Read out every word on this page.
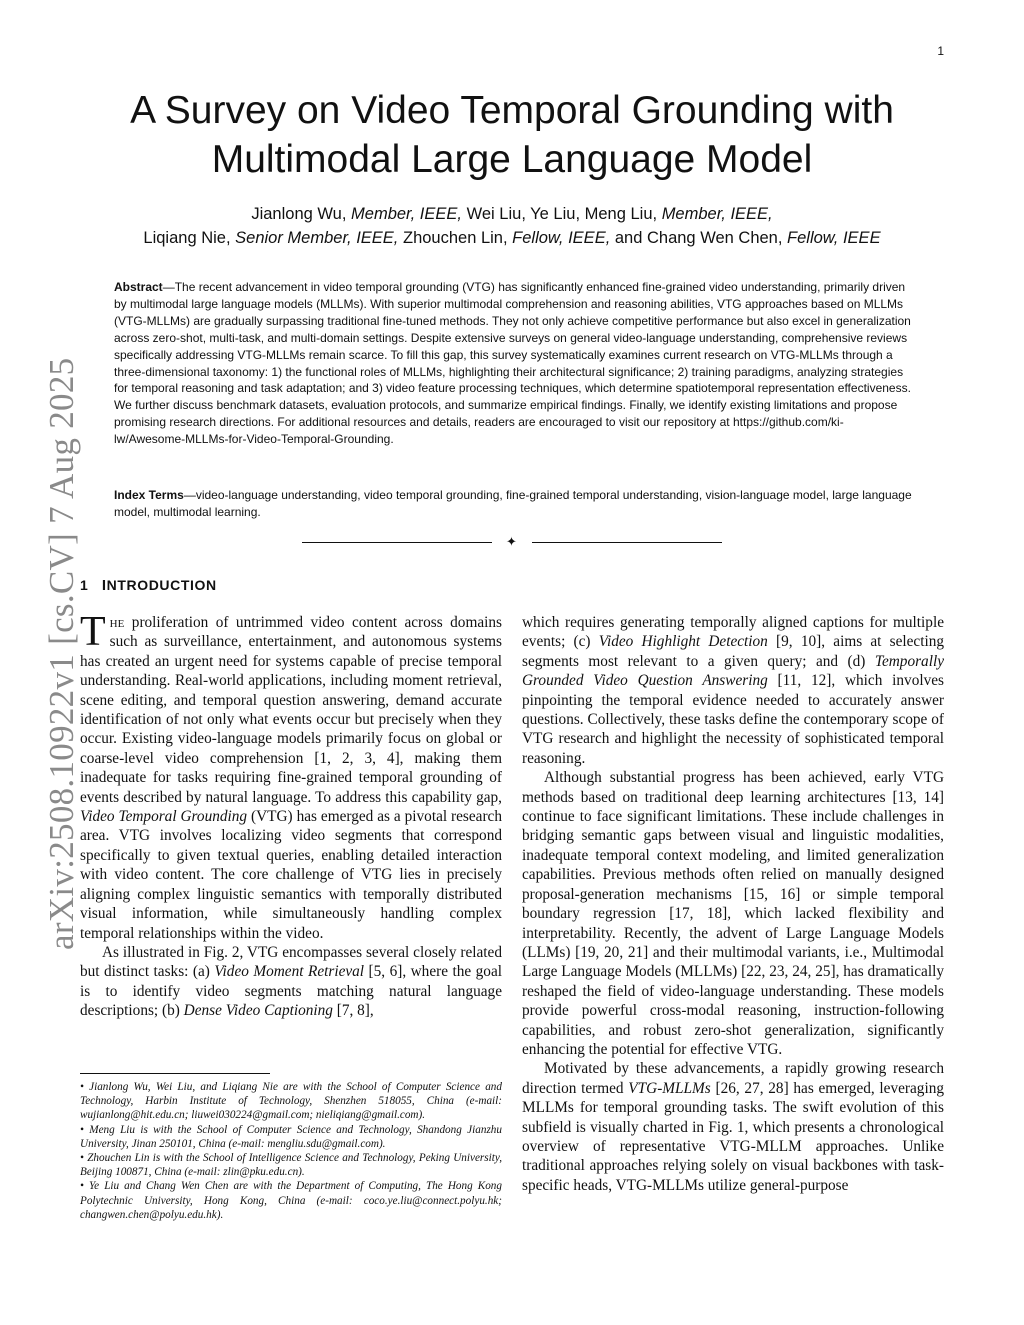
1
arXiv:2508.10922v1 [cs.CV] 7 Aug 2025
A Survey on Video Temporal Grounding with Multimodal Large Language Model
Jianlong Wu, Member, IEEE, Wei Liu, Ye Liu, Meng Liu, Member, IEEE,
Liqiang Nie, Senior Member, IEEE, Zhouchen Lin, Fellow, IEEE, and Chang Wen Chen, Fellow, IEEE
Abstract—The recent advancement in video temporal grounding (VTG) has significantly enhanced fine-grained video understanding, primarily driven by multimodal large language models (MLLMs). With superior multimodal comprehension and reasoning abilities, VTG approaches based on MLLMs (VTG-MLLMs) are gradually surpassing traditional fine-tuned methods. They not only achieve competitive performance but also excel in generalization across zero-shot, multi-task, and multi-domain settings. Despite extensive surveys on general video-language understanding, comprehensive reviews specifically addressing VTG-MLLMs remain scarce. To fill this gap, this survey systematically examines current research on VTG-MLLMs through a three-dimensional taxonomy: 1) the functional roles of MLLMs, highlighting their architectural significance; 2) training paradigms, analyzing strategies for temporal reasoning and task adaptation; and 3) video feature processing techniques, which determine spatiotemporal representation effectiveness. We further discuss benchmark datasets, evaluation protocols, and summarize empirical findings. Finally, we identify existing limitations and propose promising research directions. For additional resources and details, readers are encouraged to visit our repository at https://github.com/ki-lw/Awesome-MLLMs-for-Video-Temporal-Grounding.
Index Terms—video-language understanding, video temporal grounding, fine-grained temporal understanding, vision-language model, large language model, multimodal learning.
✦
1 INTRODUCTION

The proliferation of untrimmed video content across domains such as surveillance, entertainment, and autonomous systems has created an urgent need for systems capable of precise temporal understanding. Real-world applications, including moment retrieval, scene editing, and temporal question answering, demand accurate identification of not only what events occur but precisely when they occur. Existing video-language models primarily focus on global or coarse-level video comprehension [1, 2, 3, 4], making them inadequate for tasks requiring fine-grained temporal grounding of events described by natural language. To address this capability gap, Video Temporal Grounding (VTG) has emerged as a pivotal research area. VTG involves localizing video segments that correspond specifically to given textual queries, enabling detailed interaction with video content. The core challenge of VTG lies in precisely aligning complex linguistic semantics with temporally distributed visual information, while simultaneously handling complex temporal relationships within the video.

As illustrated in Fig. 2, VTG encompasses several closely related but distinct tasks: (a) Video Moment Retrieval [5, 6], where the goal is to identify video segments matching natural language descriptions; (b) Dense Video Captioning [7, 8],

• Jianlong Wu, Wei Liu, and Liqiang Nie are with the School of Computer Science and Technology, Harbin Institute of Technology, Shenzhen 518055, China (e-mail: wujianlong@hit.edu.cn; liuwei030224@gmail.com; nieliqiang@gmail.com).

• Meng Liu is with the School of Computer Science and Technology, Shandong Jianzhu University, Jinan 250101, China (e-mail: mengliu.sdu@gmail.com).

• Zhouchen Lin is with the School of Intelligence Science and Technology, Peking University, Beijing 100871, China (e-mail: zlin@pku.edu.cn).

• Ye Liu and Chang Wen Chen are with the Department of Computing, The Hong Kong Polytechnic University, Hong Kong, China (e-mail: coco.ye.liu@connect.polyu.hk; changwen.chen@polyu.edu.hk).

which requires generating temporally aligned captions for multiple events; (c) Video Highlight Detection [9, 10], aims at selecting segments most relevant to a given query; and (d) Temporally Grounded Video Question Answering [11, 12], which involves pinpointing the temporal evidence needed to accurately answer questions. Collectively, these tasks define the contemporary scope of VTG research and highlight the necessity of sophisticated temporal reasoning.

Although substantial progress has been achieved, early VTG methods based on traditional deep learning architectures [13, 14] continue to face significant limitations. These include challenges in bridging semantic gaps between visual and linguistic modalities, inadequate temporal context modeling, and limited generalization capabilities. Previous methods often relied on manually designed proposal-generation mechanisms [15, 16] or simple temporal boundary regression [17, 18], which lacked flexibility and interpretability. Recently, the advent of Large Language Models (LLMs) [19, 20, 21] and their multimodal variants, i.e., Multimodal Large Language Models (MLLMs) [22, 23, 24, 25], has dramatically reshaped the field of video-language understanding. These models provide powerful cross-modal reasoning, instruction-following capabilities, and robust zero-shot generalization, significantly enhancing the potential for effective VTG.

Motivated by these advancements, a rapidly growing research direction termed VTG-MLLMs [26, 27, 28] has emerged, leveraging MLLMs for temporal grounding tasks. The swift evolution of this subfield is visually charted in Fig. 1, which presents a chronological overview of representative VTG-MLLM approaches. Unlike traditional approaches relying solely on visual backbones with task-specific heads, VTG-MLLMs utilize general-purpose
